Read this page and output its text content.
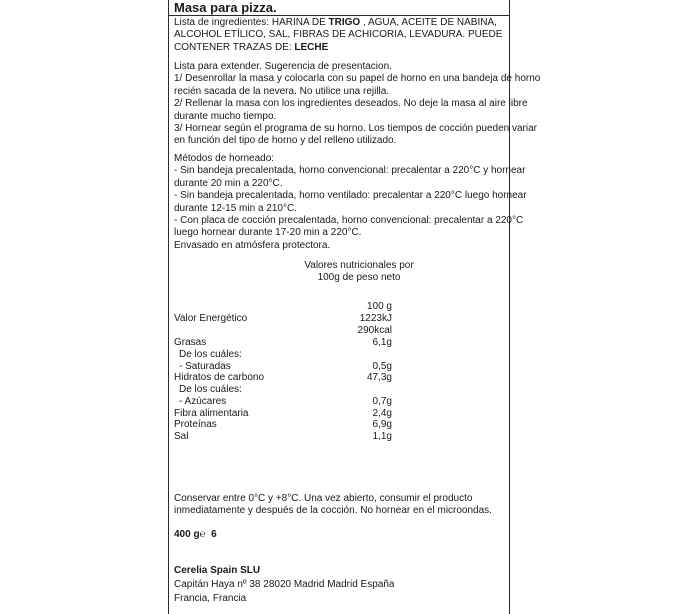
Masa para pizza.
Lista de ingredientes: HARINA DE TRIGO , AGUA, ACEITE DE NABINA,
ALCOHOL ETÍLICO, SAL, FIBRAS DE ACHICORIA, LEVADURA. PUEDE
CONTENER TRAZAS DE: LECHE
Lista para extender. Sugerencia de presentacion.
1/ Desenrollar la masa y colocarla con su papel de horno en una bandeja de horno
recién sacada de la nevera. No utilice una rejilla.
2/ Rellenar la masa con los ingredientes deseados. No deje la masa al aire libre
durante mucho tiempo.
3/ Hornear según el programa de su horno. Los tiempos de cocción pueden variar
en función del tipo de horno y del relleno utilizado.
Métodos de horneado:
- Sin bandeja precalentada, horno convencional: precalentar a 220°C y hornear
durante 20 min a 220°C.
- Sin bandeja precalentada, horno ventilado: precalentar a 220°C luego hornear
durante 12-15 min a 210°C.
- Con placa de cocción precalentada, horno convencional: precalentar a 220°C
luego hornear durante 17-20 min a 220°C.
Envasado en atmósfera protectora.
Valores nutricionales por
100g de peso neto
100 g
Valor Energético	1223kJ
290kcal
Grasas	6,1g
De los cuáles:
- Saturadas	0,5g
Hidratos de carbono	47,3g
De los cuáles:
- Azúcares	0,7g
Fibra alimentaria	2,4g
Proteínas	6,9g
Sal	1,1g
Conservar entre 0°C y +8°C. Una vez abierto, consumir el producto
inmediatamente y después de la cocción. No hornear en el microondas.
400 g℮ 6
Cerelia Spain SLU
Capitán Haya nº 38 28020 Madrid Madrid España
Francia, Francia
